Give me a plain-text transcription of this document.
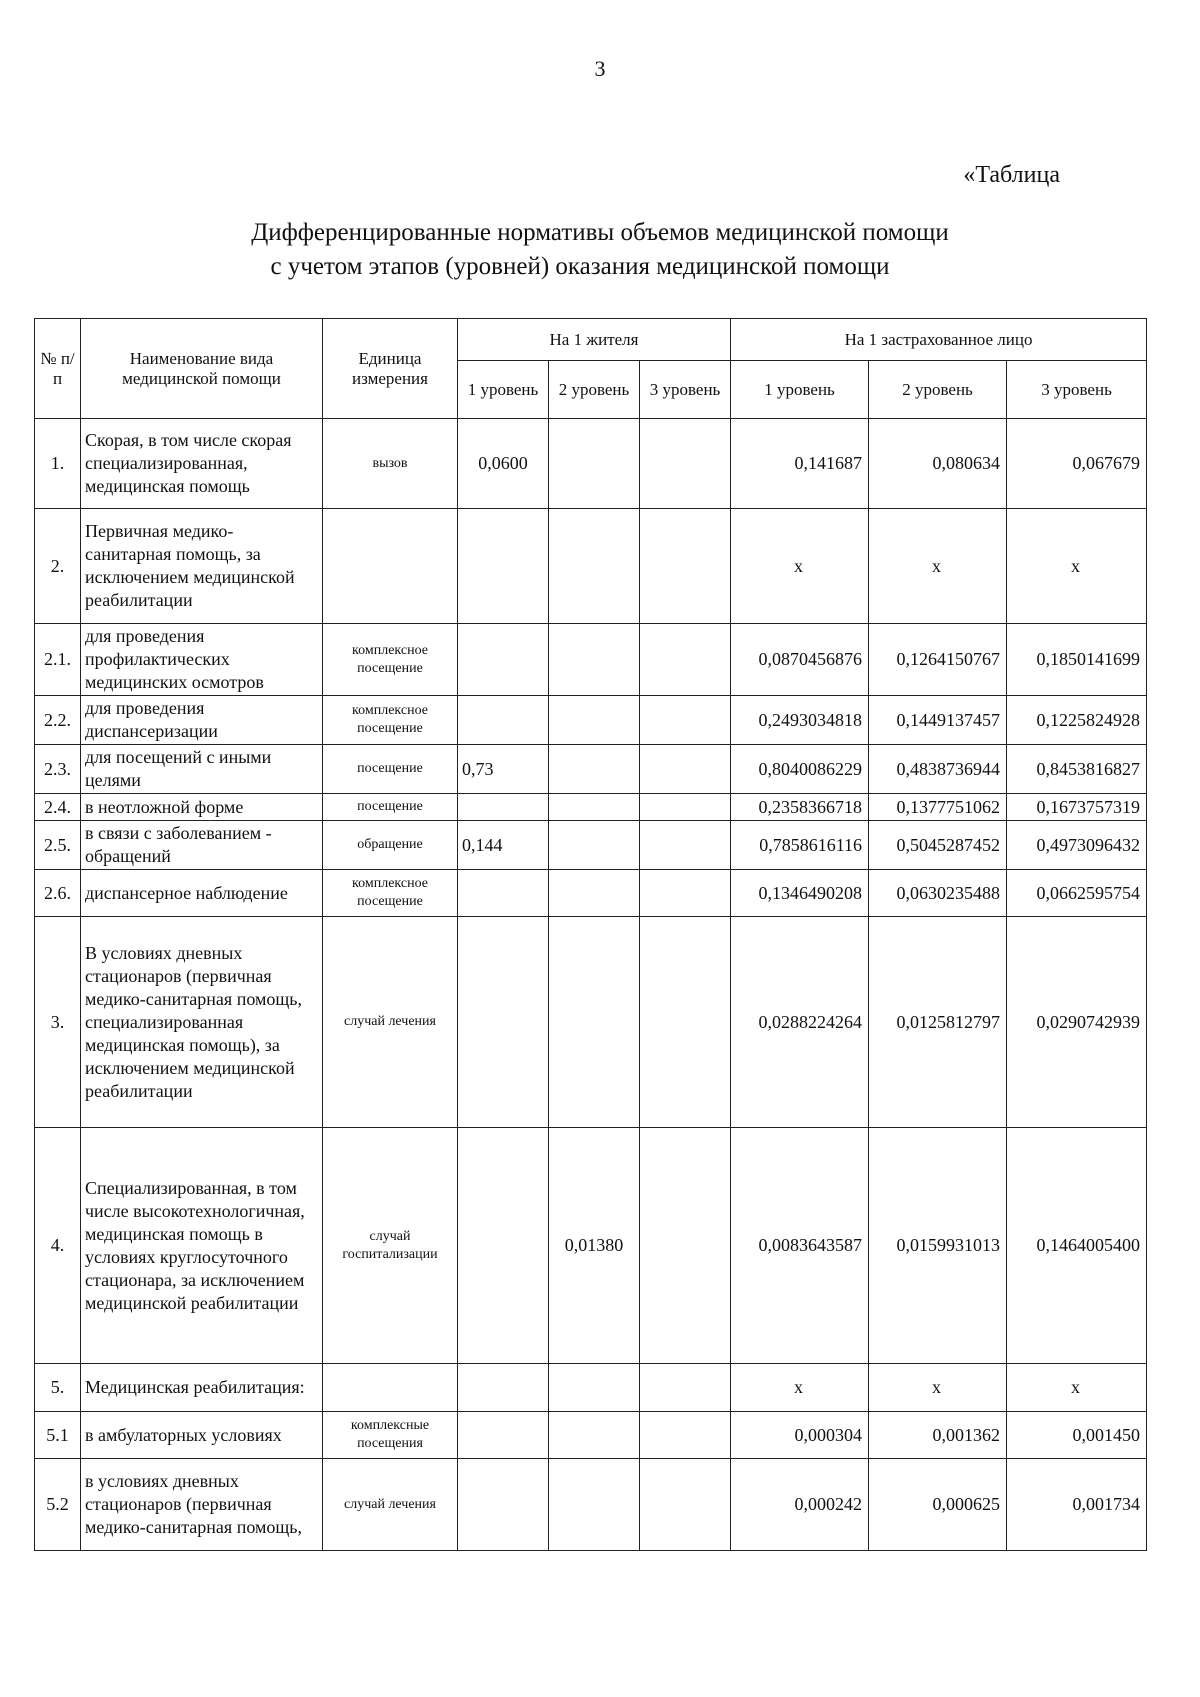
3
«Таблица
Дифференцированные нормативы объемов медицинской помощи
с учетом этапов (уровней) оказания медицинской помощи
№ п/п	Наименование вида медицинской помощи	Единица измерения	На 1 жителя			На 1 застрахованное лицо		
			1 уровень	2 уровень	3 уровень	1 уровень	2 уровень	3 уровень
1.	Скорая, в том числе скорая специализированная, медицинская помощь	вызов	0,0600			0,141687	0,080634	0,067679
2.	Первичная медико-санитарная помощь, за исключением медицинской реабилитации					x	x	x
2.1.	для проведения профилактических медицинских осмотров	комплексное посещение				0,0870456876	0,1264150767	0,1850141699
2.2.	для проведения диспансеризации	комплексное посещение				0,2493034818	0,1449137457	0,1225824928
2.3.	для посещений с иными целями	посещение	0,73			0,8040086229	0,4838736944	0,8453816827
2.4.	в неотложной форме	посещение				0,2358366718	0,1377751062	0,1673757319
2.5.	в связи с заболеванием - обращений	обращение	0,144			0,7858616116	0,5045287452	0,4973096432
2.6.	диспансерное наблюдение	комплексное посещение				0,1346490208	0,0630235488	0,0662595754
3.	В условиях дневных стационаров (первичная медико-санитарная помощь, специализированная медицинская помощь), за исключением медицинской реабилитации	случай лечения				0,0288224264	0,0125812797	0,0290742939
4.	Специализированная, в том числе высокотехнологичная, медицинская помощь в условиях круглосуточного стационара, за исключением медицинской реабилитации	случай госпитализации		0,01380		0,0083643587	0,0159931013	0,1464005400
5.	Медицинская реабилитация:					x	x	x
5.1	в амбулаторных условиях	комплексные посещения				0,000304	0,001362	0,001450
5.2	в условиях дневных стационаров (первичная медико-санитарная помощь,	случай лечения				0,000242	0,000625	0,001734
